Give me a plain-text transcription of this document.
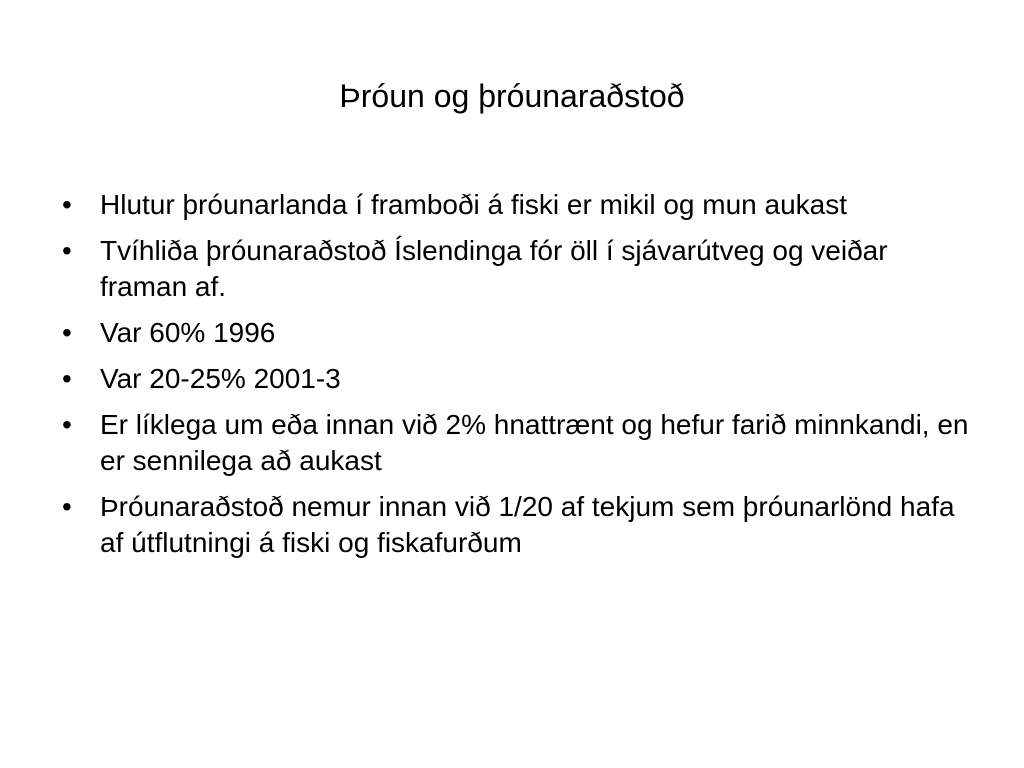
Þróun og þróunaraðstoð
•	Hlutur þróunarlanda í framboði á fiski er mikil og mun aukast
•	Tvíhliða þróunaraðstoð Íslendinga fór öll í sjávarútveg og veiðar framan af.
•	Var 60% 1996
•	Var 20-25% 2001-3
•	Er líklega um eða innan við 2% hnattrænt og hefur farið minnkandi, en er sennilega að aukast
•	Þróunaraðstoð nemur innan við 1/20 af tekjum sem þróunarlönd hafa af útflutningi á fiski og fiskafurðum
